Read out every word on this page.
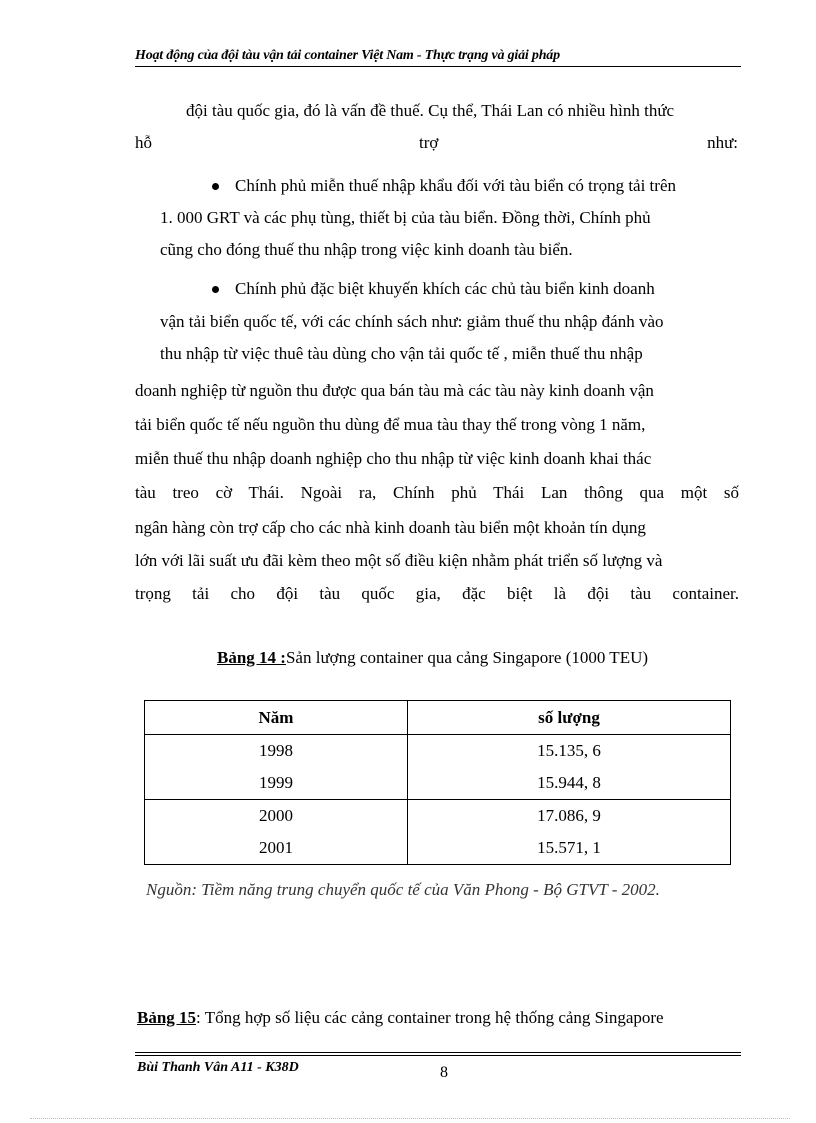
Hoạt động của đội tàu vận tải container Việt Nam - Thực trạng và giải pháp
đội tàu quốc gia, đó là vấn đề thuế. Cụ thể, Thái Lan có nhiều hình thức
hỗ	trợ	như:
Chính phủ miễn thuế nhập khẩu đối với tàu biển có trọng tải trên
1. 000 GRT và các phụ tùng, thiết bị của tàu biển. Đồng thời, Chính phủ
cũng cho đóng thuế thu nhập trong việc kinh doanh tàu biển.
Chính phủ đặc biệt khuyến khích các chủ tàu biển kinh doanh
vận tải biển quốc tế, với các chính sách như: giảm thuế thu nhập đánh vào
thu nhập từ việc thuê tàu dùng cho vận tải quốc tế , miễn thuế thu nhập
doanh nghiệp từ nguồn thu được qua bán tàu mà các tàu này kinh doanh vận
tải biển quốc tế nếu nguồn thu dùng để mua tàu thay thế trong vòng 1 năm,
miễn thuế thu nhập doanh nghiệp cho thu nhập từ việc kinh doanh khai thác
tàu treo cờ Thái. Ngoài ra, Chính phủ Thái Lan thông qua một số
ngân hàng còn trợ cấp cho các nhà kinh doanh tàu biển một khoản tín dụng
lớn với lãi suất ưu đãi kèm theo một số điều kiện nhằm phát triển số lượng và
trọng tải cho đội tàu quốc gia, đặc biệt là đội tàu container.
Bảng 14 :Sản lượng container qua cảng Singapore (1000 TEU)
Năm	số lượng
1998	15.135, 6
1999	15.944, 8
2000	17.086, 9
2001	15.571, 1
Nguồn: Tiềm năng trung chuyển quốc tế của Văn Phong - Bộ GTVT - 2002.
Bảng 15: Tổng hợp số liệu các cảng container trong hệ thống cảng Singapore
Bùi Thanh Vân A11 - K38D	8
